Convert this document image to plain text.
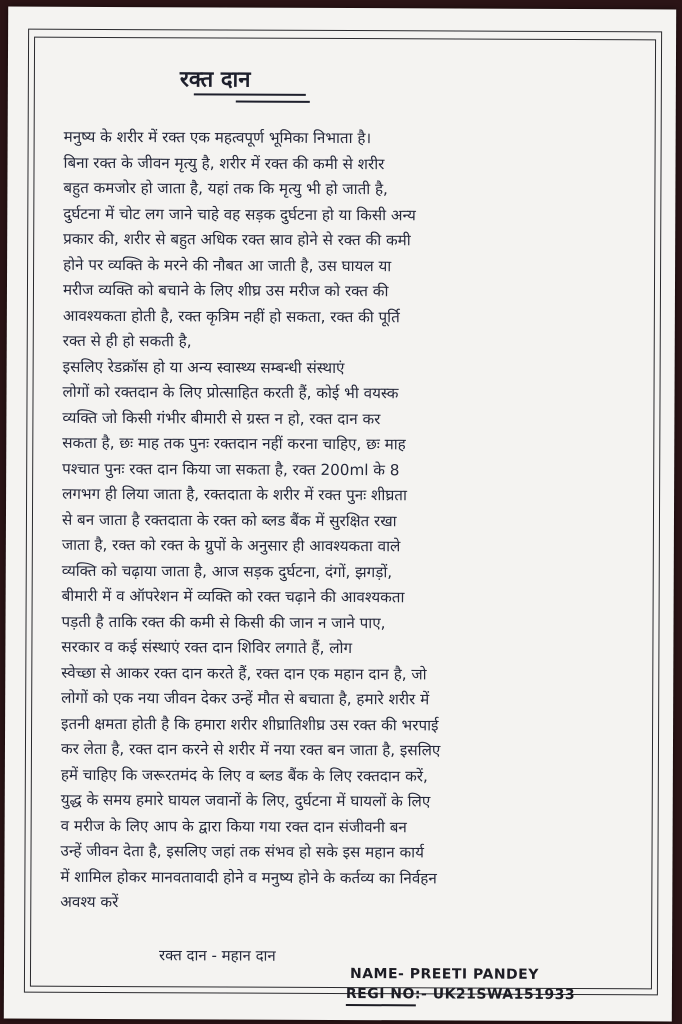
रक्त दान
मनुष्य के शरीर में रक्त एक महत्वपूर्ण भूमिका निभाता है।
बिना रक्त के जीवन मृत्यु है, शरीर में रक्त की कमी से शरीर
बहुत कमजोर हो जाता है, यहां तक कि मृत्यु भी हो जाती है,
दुर्घटना में चोट लग जाने चाहे वह सड़क दुर्घटना हो या किसी अन्य
प्रकार की, शरीर से बहुत अधिक रक्त स्राव होने से रक्त की कमी
होने पर व्यक्ति के मरने की नौबत आ जाती है, उस घायल या
मरीज व्यक्ति को बचाने के लिए शीघ्र उस मरीज को रक्त की
आवश्यकता होती है, रक्त कृत्रिम नहीं हो सकता, रक्त की पूर्ति
रक्त से ही हो सकती है,
इसलिए रेडक्रॉस हो या अन्य स्वास्थ्य सम्बन्धी संस्थाएं
लोगों को रक्तदान के लिए प्रोत्साहित करती हैं, कोई भी वयस्क
व्यक्ति जो किसी गंभीर बीमारी से ग्रस्त न हो, रक्त दान कर
सकता है, छः माह तक पुनः रक्तदान नहीं करना चाहिए, छः माह
पश्चात पुनः रक्त दान किया जा सकता है, रक्त 200ml के 8
लगभग ही लिया जाता है, रक्तदाता के शरीर में रक्त पुनः शीघ्रता
से बन जाता है रक्तदाता के रक्त को ब्लड बैंक में सुरक्षित रखा
जाता है, रक्त को रक्त के ग्रुपों के अनुसार ही आवश्यकता वाले
व्यक्ति को चढ़ाया जाता है, आज सड़क दुर्घटना, दंगों, झगड़ों,
बीमारी में व ऑपरेशन में व्यक्ति को रक्त चढ़ाने की आवश्यकता
पड़ती है ताकि रक्त की कमी से किसी की जान न जाने पाए,
सरकार व कई संस्थाएं रक्त दान शिविर लगाते हैं, लोग
स्वेच्छा से आकर रक्त दान करते हैं, रक्त दान एक महान दान है, जो
लोगों को एक नया जीवन देकर उन्हें मौत से बचाता है, हमारे शरीर में
इतनी क्षमता होती है कि हमारा शरीर शीघ्रातिशीघ्र उस रक्त की भरपाई
कर लेता है, रक्त दान करने से शरीर में नया रक्त बन जाता है, इसलिए
हमें चाहिए कि जरूरतमंद के लिए व ब्लड बैंक के लिए रक्तदान करें,
युद्ध के समय हमारे घायल जवानों के लिए, दुर्घटना में घायलों के लिए
व मरीज के लिए आप के द्वारा किया गया रक्त दान संजीवनी बन
उन्हें जीवन देता है, इसलिए जहां तक संभव हो सके इस महान कार्य
में शामिल होकर मानवतावादी होने व मनुष्य होने के कर्तव्य का निर्वहन
अवश्य करें
रक्त दान - महान दान
NAME- PREETI PANDEY
REGI NO:- UK21SWA151933
